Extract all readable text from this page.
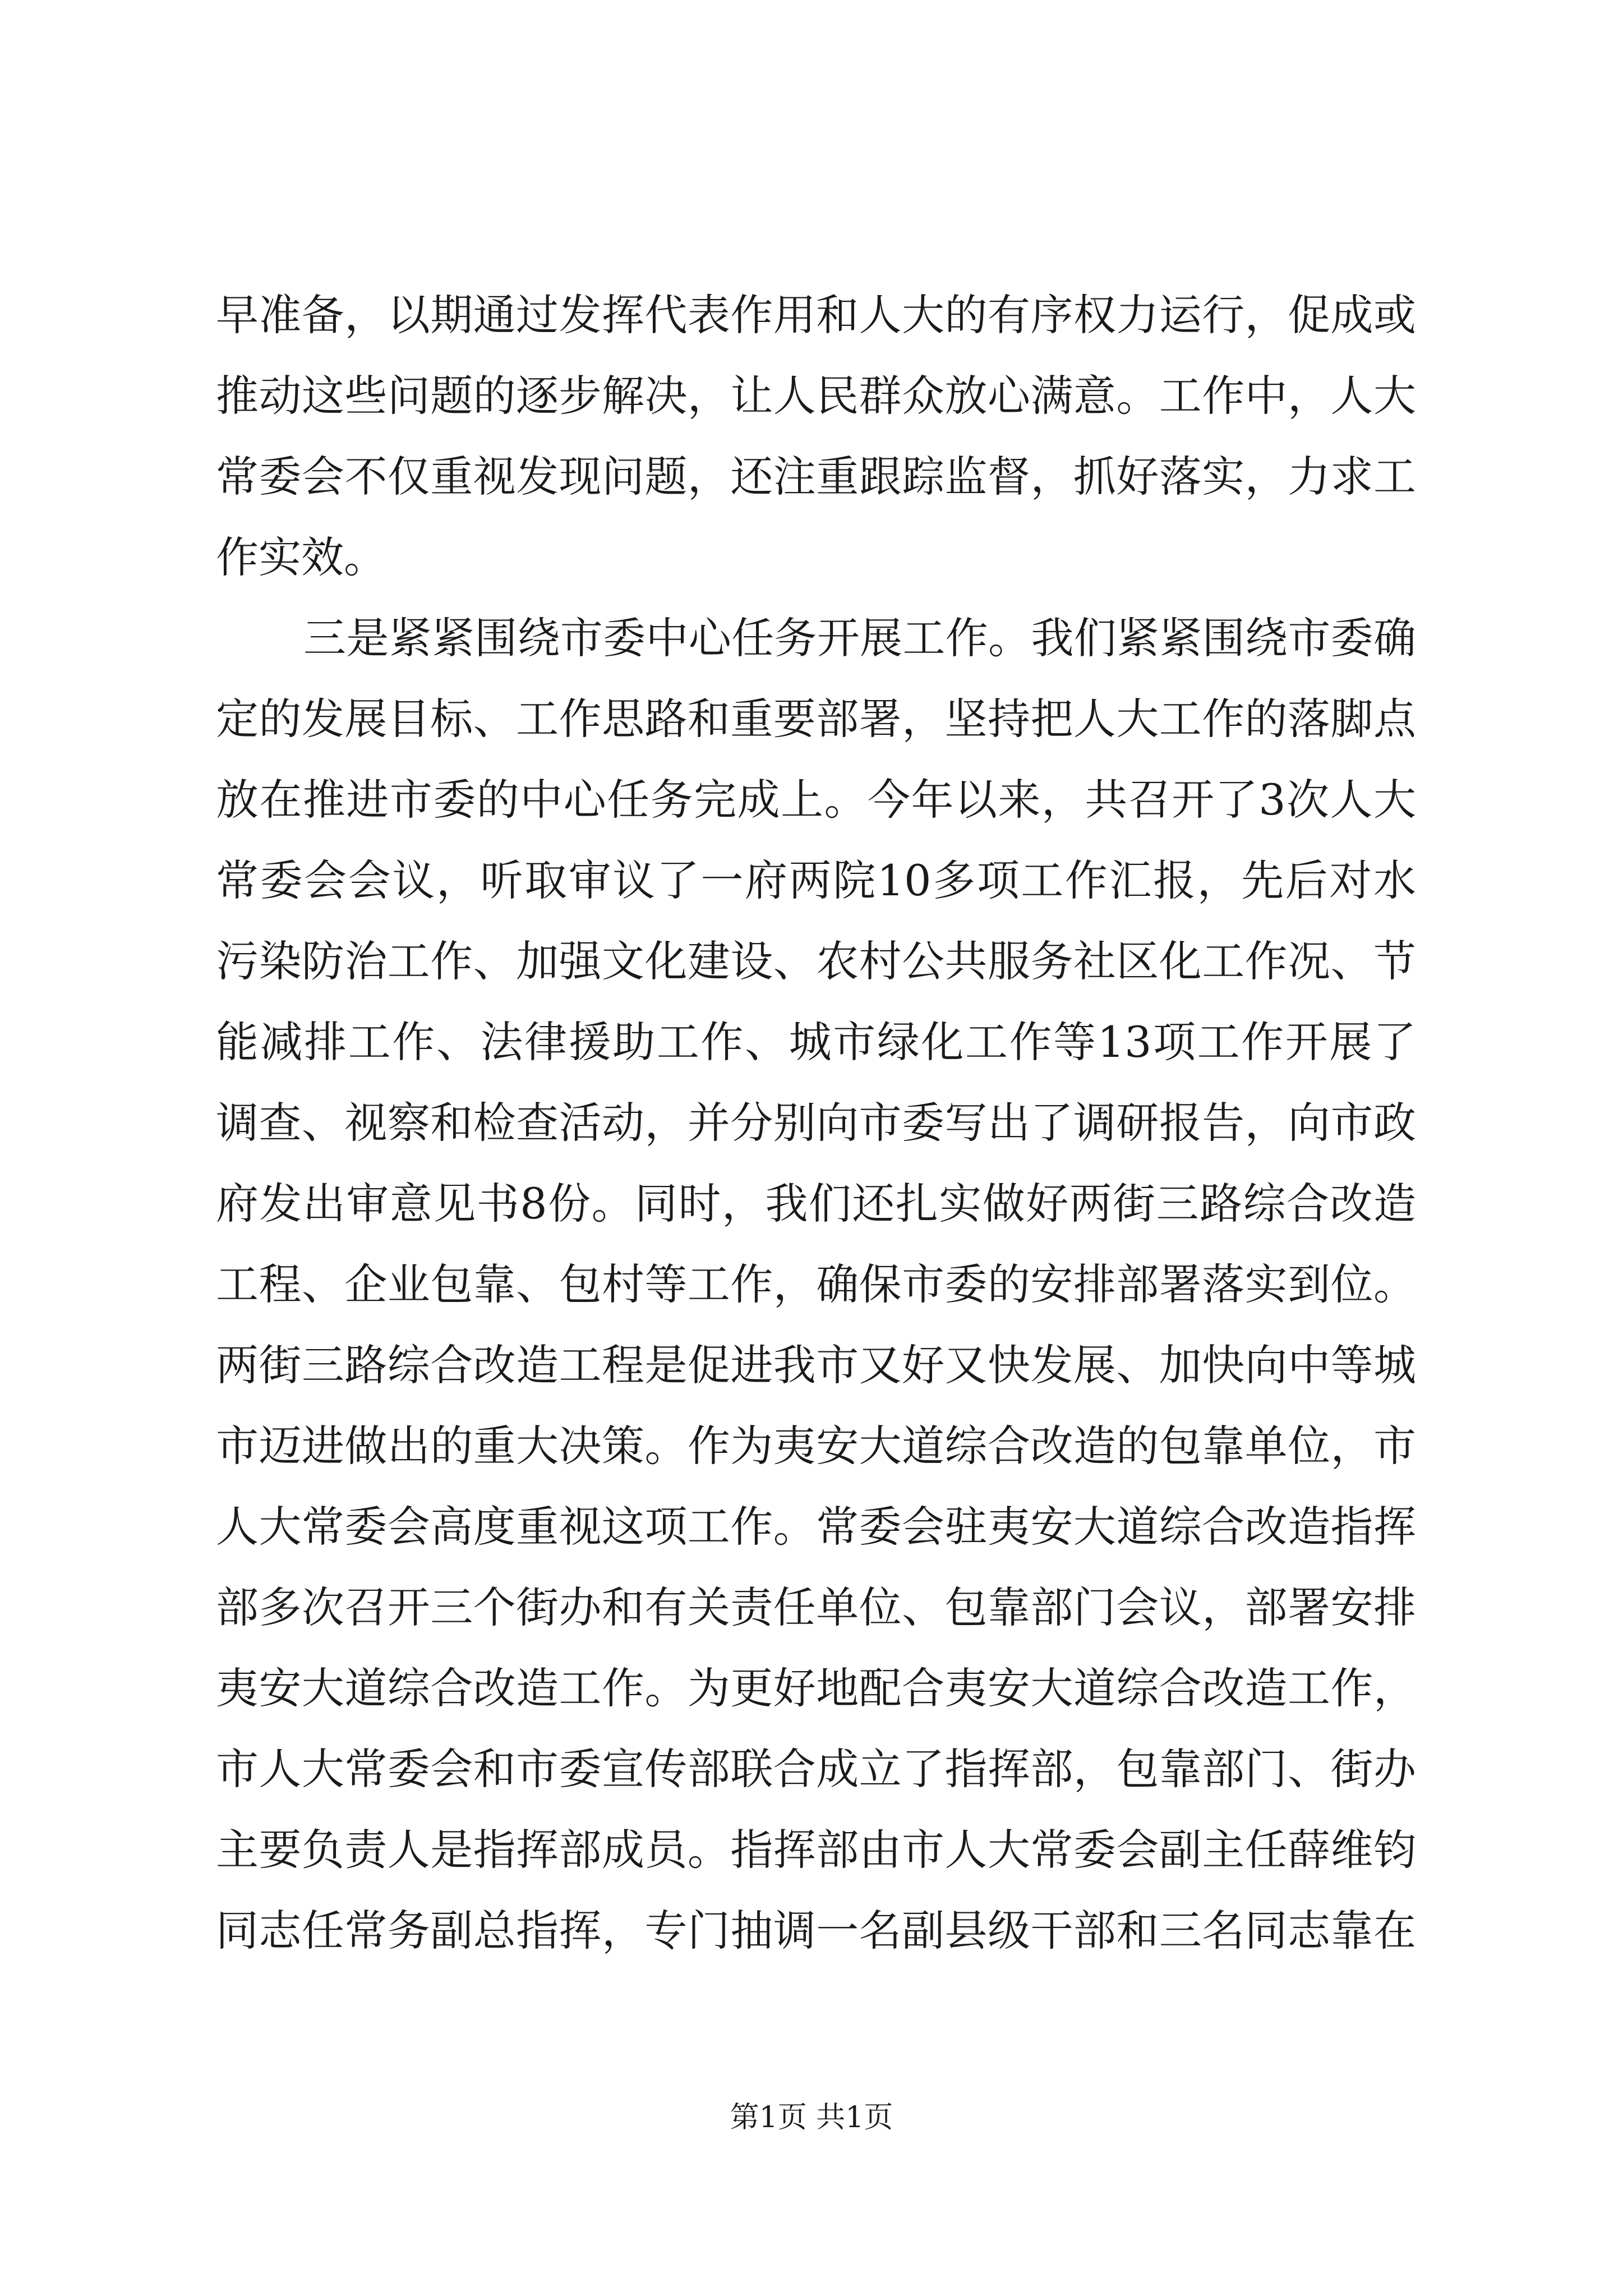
早准备，以期通过发挥代表作用和人大的有序权力运行，促成或
推动这些问题的逐步解决，让人民群众放心满意。工作中，人大
常委会不仅重视发现问题，还注重跟踪监督，抓好落实，力求工
作实效。
三是紧紧围绕市委中心任务开展工作。我们紧紧围绕市委确
定的发展目标、工作思路和重要部署，坚持把人大工作的落脚点
放在推进市委的中心任务完成上。今年以来，共召开了3次人大
常委会会议，听取审议了一府两院10多项工作汇报，先后对水
污染防治工作、加强文化建设、农村公共服务社区化工作况、节
能减排工作、法律援助工作、城市绿化工作等13项工作开展了
调查、视察和检查活动，并分别向市委写出了调研报告，向市政
府发出审意见书8份。同时，我们还扎实做好两街三路综合改造
工程、企业包靠、包村等工作，确保市委的安排部署落实到位。
两街三路综合改造工程是促进我市又好又快发展、加快向中等城
市迈进做出的重大决策。作为夷安大道综合改造的包靠单位，市
人大常委会高度重视这项工作。常委会驻夷安大道综合改造指挥
部多次召开三个街办和有关责任单位、包靠部门会议，部署安排
夷安大道综合改造工作。为更好地配合夷安大道综合改造工作，
市人大常委会和市委宣传部联合成立了指挥部，包靠部门、街办
主要负责人是指挥部成员。指挥部由市人大常委会副主任薛维钧
同志任常务副总指挥，专门抽调一名副县级干部和三名同志靠在
第1页 共1页
